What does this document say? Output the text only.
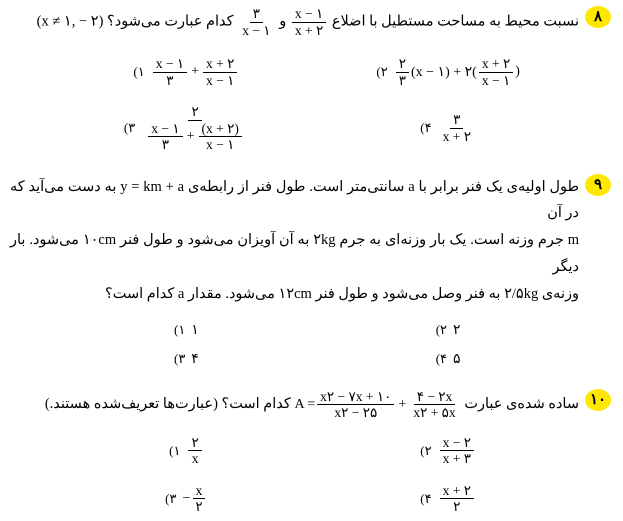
۸
نسبت محیط به مساحت مستطیل با اضلاع
$\frac{x - ۱}{x + ۲}$
و
$\frac{۳}{x - ۱}$
کدام عبارت می‌شود؟ (۲ − ,۱ ≠ x)
$\frac{۲}{۳} (x$ − ۱) + ۲( $\frac{x + ۲}{x - ۱}$ )
۲)
$\frac{x - ۱}{۳} + \frac{x + ۲}{x - ۱}$
۱)
$\frac{۳}{x + ۲}$
۴)
۲
$\frac{x - ۱}{۳} + \frac{(x + ۲)}{x - ۱}$
۳)
۹
طول اولیه‌ی یک فنر برابر با a سانتی‌متر است. طول فنر از رابطه‌ی y = km + a به دست می‌آید که در آن
m جرم وزنه است. یک بار وزنه‌ای به جرم ۲kg به آن آویزان می‌شود و طول فنر ۱۰cm می‌شود. بار دیگر
وزنه‌ی ۲/۵kg به فنر وصل می‌شود و طول فنر ۱۲cm می‌شود. مقدار a کدام است؟
۲
۲)
۱
۱)
۵
۴)
۴
۳)
۱۰
ساده شده‌ی عبارت
$A = \frac{x۲ - ۷x + ۱۰}{x۲ - ۲۵} + \frac{۴ - ۲x}{x۲ + ۵x}$
کدام است؟ (عبارت‌ها تعریف‌شده هستند.)
$\frac{x - ۲}{x + ۳}$
۲)
$\frac{۲}{x}$
۱)
$\frac{x + ۲}{۲}$
۴)
− $\frac{x}{۲}$
۳)
